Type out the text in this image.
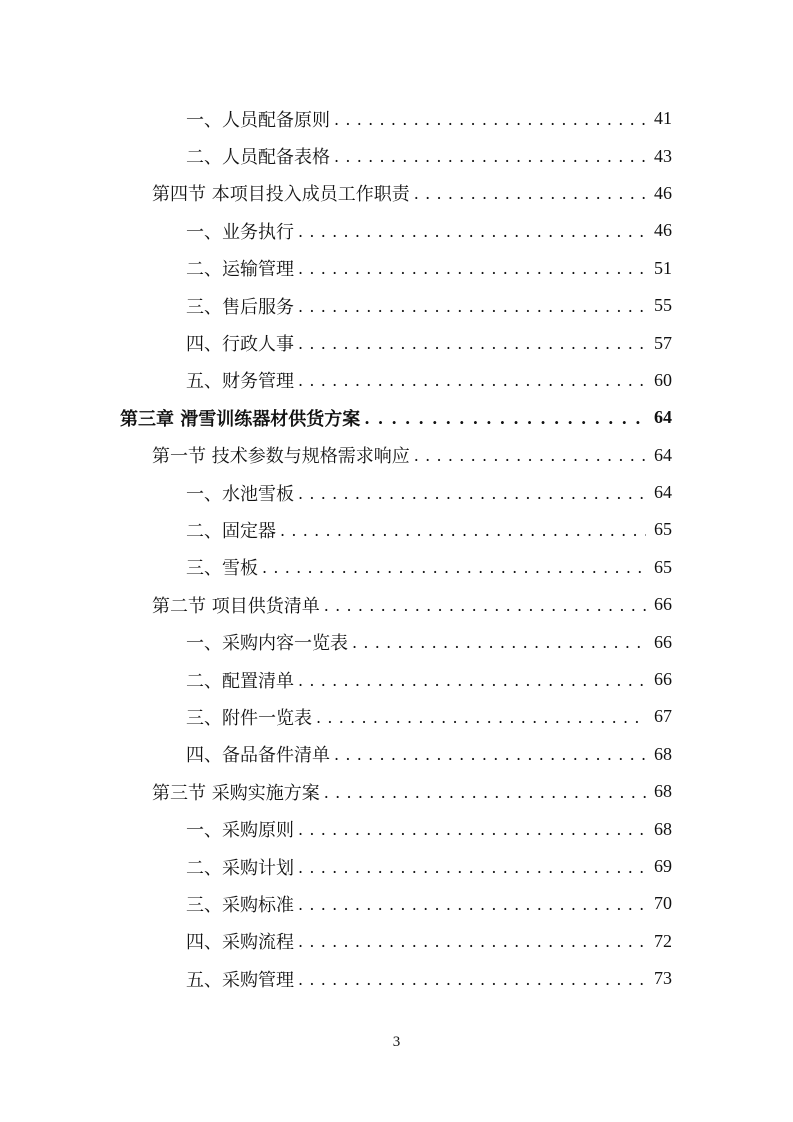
一、人员配备原则 . . .	41
二、人员配备表格 . . .	43
第四节 本项目投入成员工作职责 . . .	46
一、业务执行 . . .	46
二、运输管理 . . .	51
三、售后服务 . . .	55
四、行政人事 . . .	57
五、财务管理 . . .	60
第三章 滑雪训练器材供货方案 . . .	64
第一节 技术参数与规格需求响应 . . .	64
一、水池雪板 . . .	64
二、固定器 . . .	65
三、雪板 . . .	65
第二节 项目供货清单 . . .	66
一、采购内容一览表 . . .	66
二、配置清单 . . .	66
三、附件一览表 . . .	67
四、备品备件清单 . . .	68
第三节 采购实施方案 . . .	68
一、采购原则 . . .	68
二、采购计划 . . .	69
三、采购标准 . . .	70
四、采购流程 . . .	72
五、采购管理 . . .	73
3
